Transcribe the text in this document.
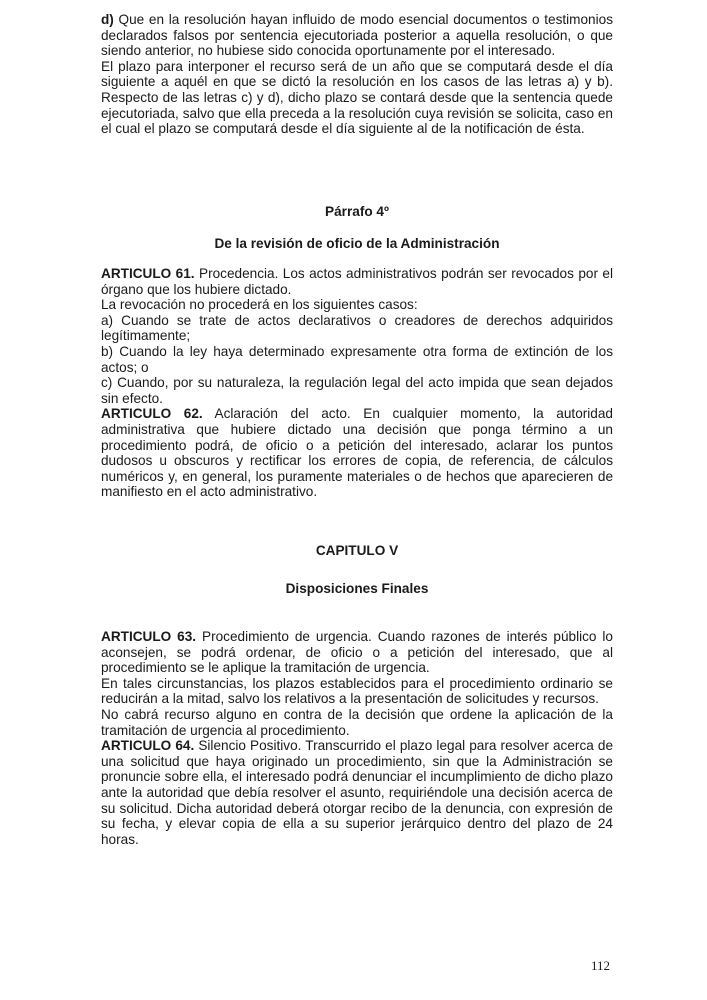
d) Que en la resolución hayan influido de modo esencial documentos o testimonios declarados falsos por sentencia ejecutoriada posterior a aquella resolución, o que siendo anterior, no hubiese sido conocida oportunamente por el interesado.

El plazo para interponer el recurso será de un año que se computará desde el día siguiente a aquél en que se dictó la resolución en los casos de las letras a) y b). Respecto de las letras c) y d), dicho plazo se contará desde que la sentencia quede ejecutoriada, salvo que ella preceda a la resolución cuya revisión se solicita, caso en el cual el plazo se computará desde el día siguiente al de la notificación de ésta.

Párrafo 4º
De la revisión de oficio de la Administración

ARTICULO 61. Procedencia. Los actos administrativos podrán ser revocados por el órgano que los hubiere dictado.

La revocación no procederá en los siguientes casos:

a) Cuando se trate de actos declarativos o creadores de derechos adquiridos legítimamente;

b) Cuando la ley haya determinado expresamente otra forma de extinción de los actos; o

c) Cuando, por su naturaleza, la regulación legal del acto impida que sean dejados sin efecto.

ARTICULO 62. Aclaración del acto. En cualquier momento, la autoridad administrativa que hubiere dictado una decisión que ponga término a un procedimiento podrá, de oficio o a petición del interesado, aclarar los puntos dudosos u obscuros y rectificar los errores de copia, de referencia, de cálculos numéricos y, en general, los puramente materiales o de hechos que aparecieren de manifiesto en el acto administrativo.

CAPITULO V
Disposiciones Finales

ARTICULO 63. Procedimiento de urgencia. Cuando razones de interés público lo aconsejen, se podrá ordenar, de oficio o a petición del interesado, que al procedimiento se le aplique la tramitación de urgencia.

En tales circunstancias, los plazos establecidos para el procedimiento ordinario se reducirán a la mitad, salvo los relativos a la presentación de solicitudes y recursos.

No cabrá recurso alguno en contra de la decisión que ordene la aplicación de la tramitación de urgencia al procedimiento.

ARTICULO 64. Silencio Positivo. Transcurrido el plazo legal para resolver acerca de una solicitud que haya originado un procedimiento, sin que la Administración se pronuncie sobre ella, el interesado podrá denunciar el incumplimiento de dicho plazo ante la autoridad que debía resolver el asunto, requiriéndole una decisión acerca de su solicitud. Dicha autoridad deberá otorgar recibo de la denuncia, con expresión de su fecha, y elevar copia de ella a su superior jerárquico dentro del plazo de 24 horas.

112
